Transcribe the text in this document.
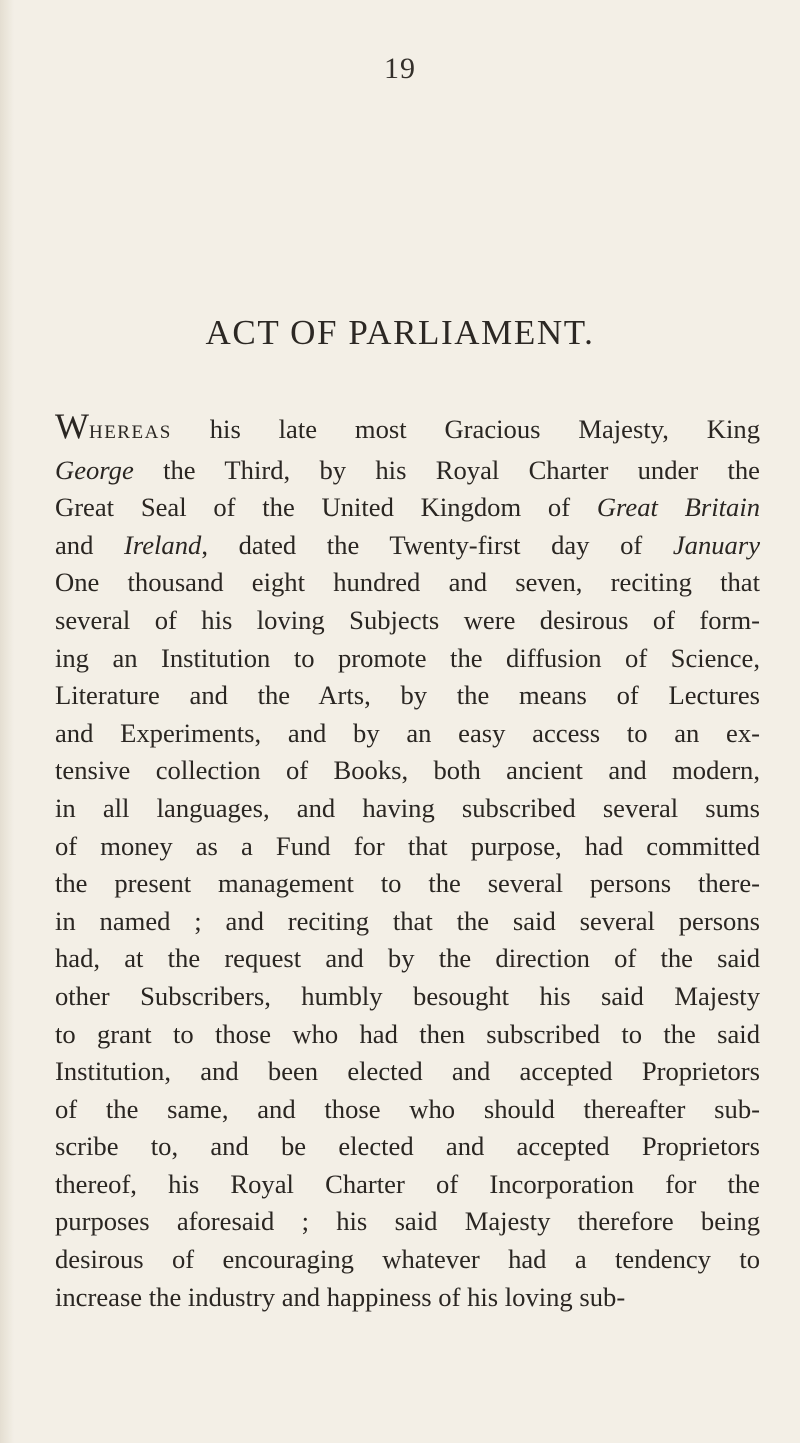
19
ACT OF PARLIAMENT.
WHEREAS his late most Gracious Majesty, King
George the Third, by his Royal Charter under the
Great Seal of the United Kingdom of Great Britain
and Ireland, dated the Twenty-first day of January
One thousand eight hundred and seven, reciting that
several of his loving Subjects were desirous of form-
ing an Institution to promote the diffusion of Science,
Literature and the Arts, by the means of Lectures
and Experiments, and by an easy access to an ex-
tensive collection of Books, both ancient and modern,
in all languages, and having subscribed several sums
of money as a Fund for that purpose, had committed
the present management to the several persons there-
in named ; and reciting that the said several persons
had, at the request and by the direction of the said
other Subscribers, humbly besought his said Majesty
to grant to those who had then subscribed to the said
Institution, and been elected and accepted Proprietors
of the same, and those who should thereafter sub-
scribe to, and be elected and accepted Proprietors
thereof, his Royal Charter of Incorporation for the
purposes aforesaid ; his said Majesty therefore being
desirous of encouraging whatever had a tendency to
increase the industry and happiness of his loving sub-
